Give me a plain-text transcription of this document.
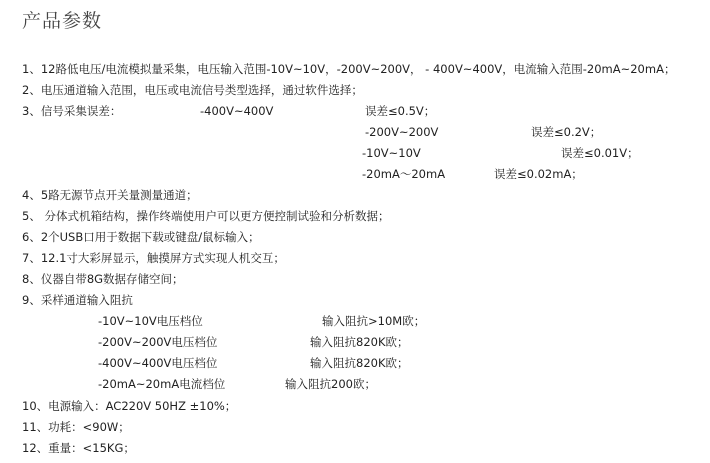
产品参数
1、12路低电压/电流模拟量采集，电压输入范围-10V~10V，-200V~200V， - 400V~400V，电流输入范围-20mA~20mA；
2、电压通道输入范围，电压或电流信号类型选择，通过软件选择；
3、信号采集误差：	-400V~400V	误差≤0.5V；
-200V~200V	误差≤0.2V；
-10V~10V	误差≤0.01V；
-20mA～20mA	误差≤0.02mA；
4、5路无源节点开关量测量通道；
5、 分体式机箱结构，操作终端使用户可以更方便控制试验和分析数据；
6、2个USB口用于数据下载或键盘/鼠标输入；
7、12.1寸大彩屏显示，触摸屏方式实现人机交互；
8、仪器自带8G数据存储空间；
9、采样通道输入阻抗
-10V~10V电压档位	输入阻抗>10M欧；
-200V~200V电压档位	输入阻抗820K欧；
-400V~400V电压档位	输入阻抗820K欧；
-20mA~20mA电流档位	输入阻抗200欧；
10、电源输入：AC220V 50HZ ±10%；
11、功耗：<90W；
12、重量：<15KG；
